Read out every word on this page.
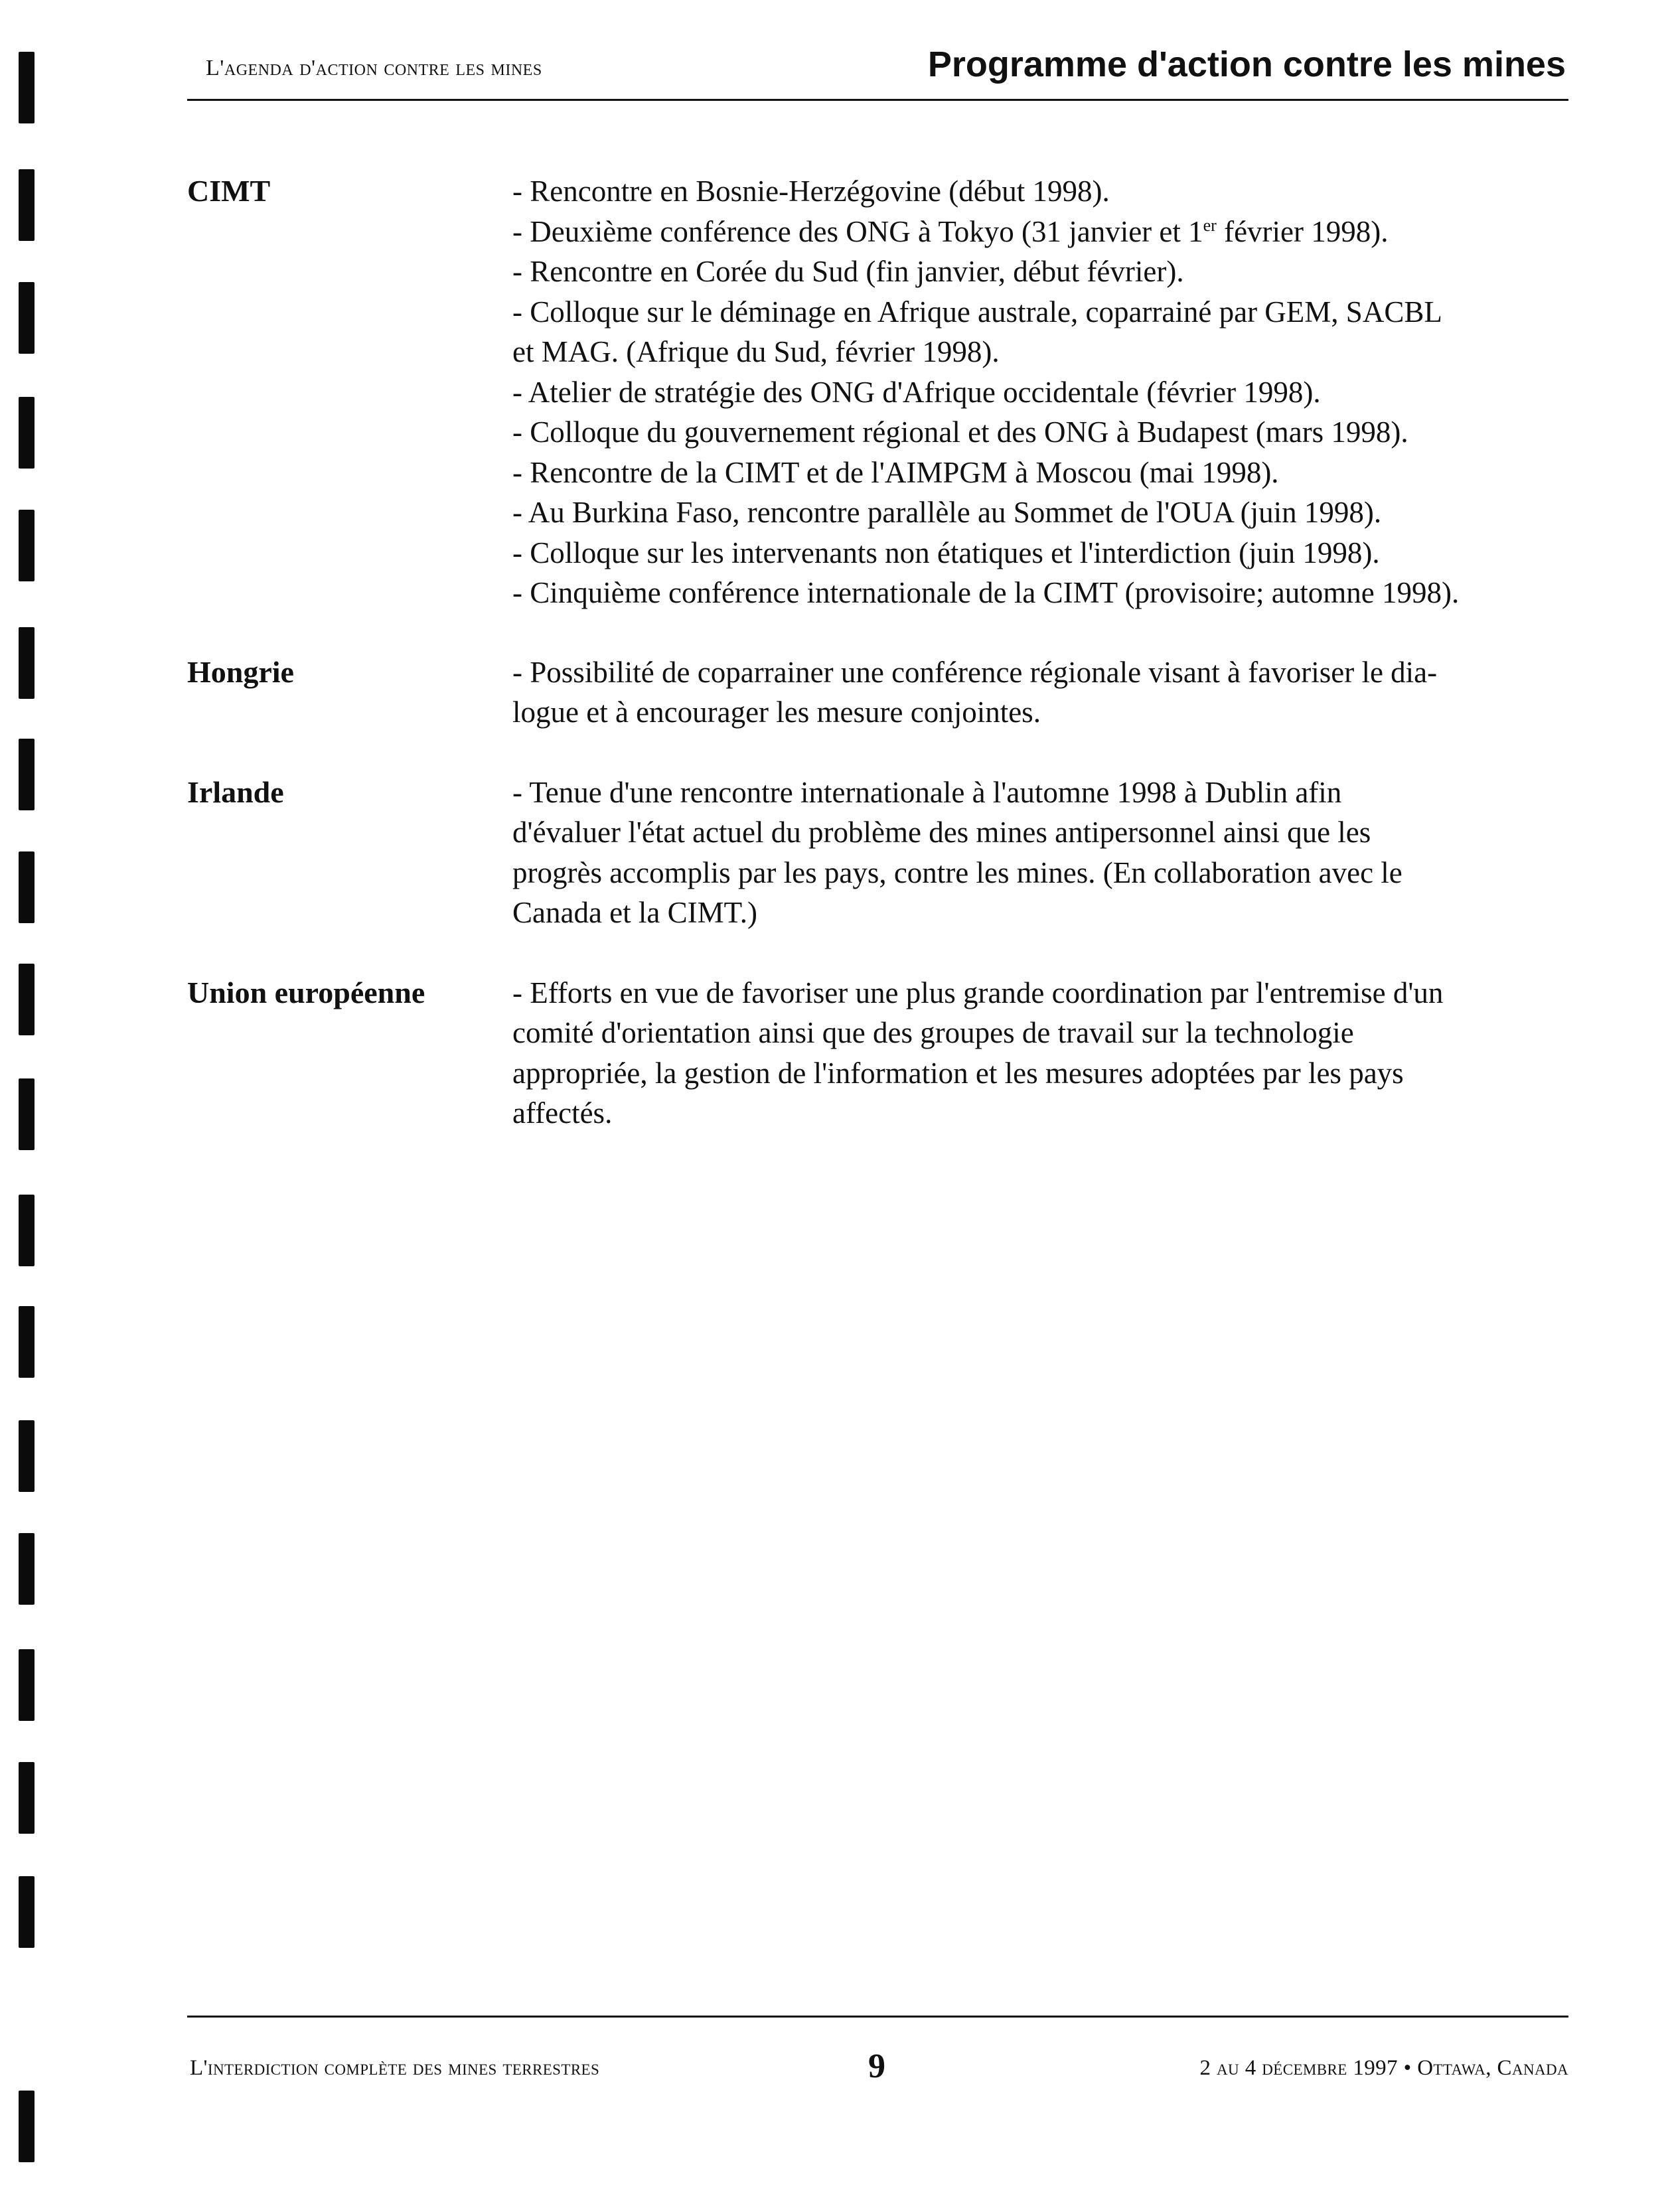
L'agenda d'action contre les mines	Programme d'action contre les mines
CIMT	- Rencontre en Bosnie-Herzégovine (début 1998).
- Deuxième conférence des ONG à Tokyo (31 janvier et 1er février 1998).
- Rencontre en Corée du Sud (fin janvier, début février).
- Colloque sur le déminage en Afrique australe, coparrainé par GEM, SACBL
et MAG. (Afrique du Sud, février 1998).
- Atelier de stratégie des ONG d'Afrique occidentale (février 1998).
- Colloque du gouvernement régional et des ONG à Budapest (mars 1998).
- Rencontre de la CIMT et de l'AIMPGM à Moscou (mai 1998).
- Au Burkina Faso, rencontre parallèle au Sommet de l'OUA (juin 1998).
- Colloque sur les intervenants non étatiques et l'interdiction (juin 1998).
- Cinquième conférence internationale de la CIMT (provisoire; automne 1998).
Hongrie	- Possibilité de coparrainer une conférence régionale visant à favoriser le dia-
logue et à encourager les mesure conjointes.
Irlande	- Tenue d'une rencontre internationale à l'automne 1998 à Dublin afin
d'évaluer l'état actuel du problème des mines antipersonnel ainsi que les
progrès accomplis par les pays, contre les mines. (En collaboration avec le
Canada et la CIMT.)
Union européenne	- Efforts en vue de favoriser une plus grande coordination par l'entremise d'un
comité d'orientation ainsi que des groupes de travail sur la technologie
appropriée, la gestion de l'information et les mesures adoptées par les pays
affectés.
L'interdiction complète des mines terrestres	9	2 au 4 décembre 1997 • Ottawa, Canada
